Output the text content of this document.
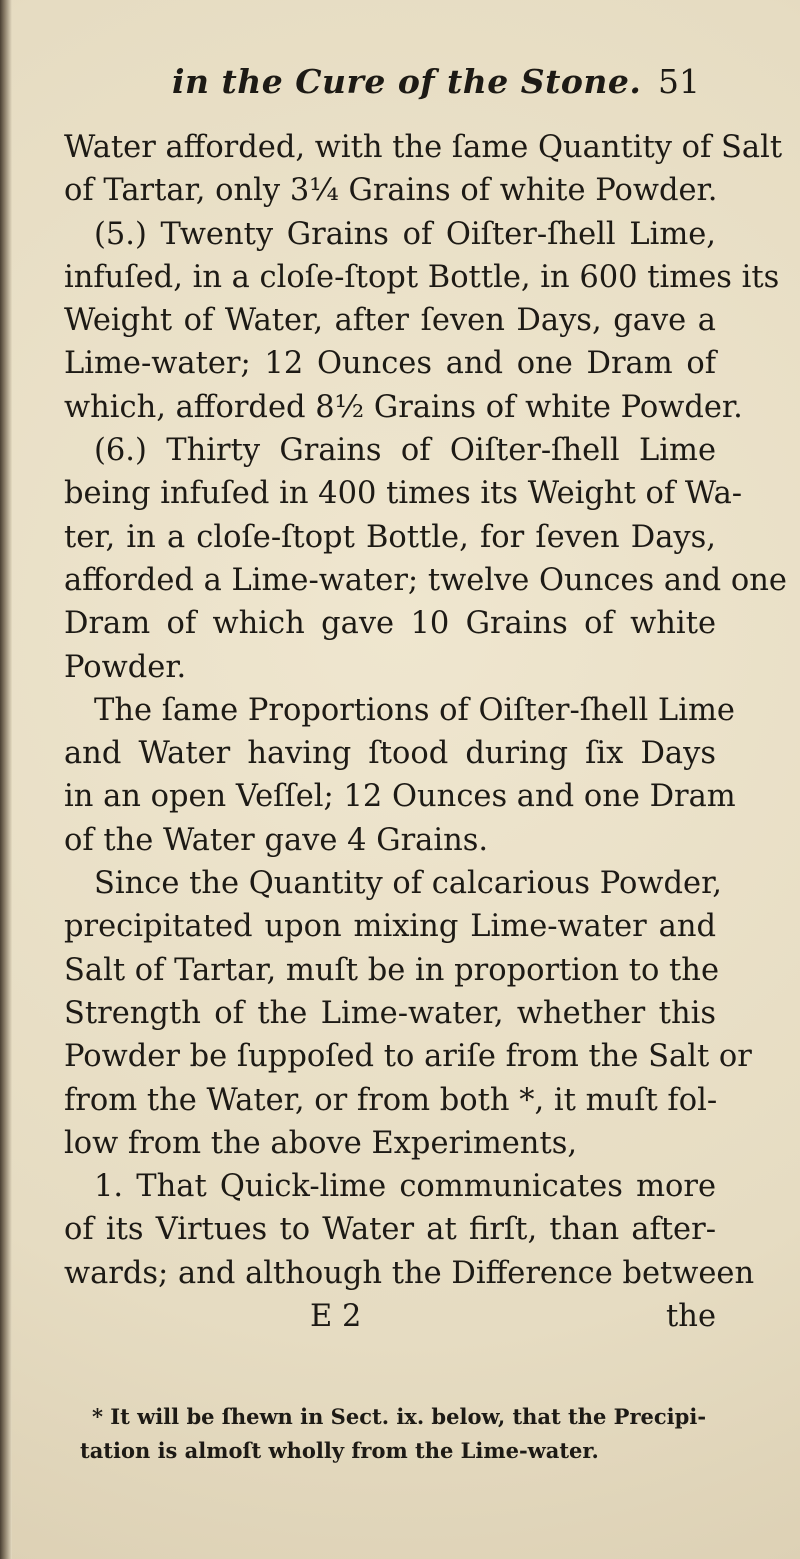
in the Cure of the Stone. 51
Water afforded, with the ſame Quantity of Salt
of Tartar, only 3¼ Grains of white Powder.
(5.) Twenty Grains of Oiſter-ſhell Lime,
infuſed, in a cloſe-ſtopt Bottle, in 600 times its
Weight of Water, after ſeven Days, gave a
Lime-water; 12 Ounces and one Dram of
which, afforded 8½ Grains of white Powder.
(6.) Thirty Grains of Oiſter-ſhell Lime
being infuſed in 400 times its Weight of Wa-
ter, in a cloſe-ſtopt Bottle, for ſeven Days,
afforded a Lime-water; twelve Ounces and one
Dram of which gave 10 Grains of white
Powder.
The ſame Proportions of Oiſter-ſhell Lime
and Water having ſtood during ſix Days
in an open Veſſel; 12 Ounces and one Dram
of the Water gave 4 Grains.
Since the Quantity of calcarious Powder,
precipitated upon mixing Lime-water and
Salt of Tartar, muſt be in proportion to the
Strength of the Lime-water, whether this
Powder be ſuppoſed to ariſe from the Salt or
from the Water, or from both *, it muſt fol-
low from the above Experiments,
1. That Quick-lime communicates more
of its Virtues to Water at firſt, than after-
wards; and although the Difference between
E 2	the
* It will be ſhewn in Sect. ix. below, that the Precipi-
tation is almoſt wholly from the Lime-water.
